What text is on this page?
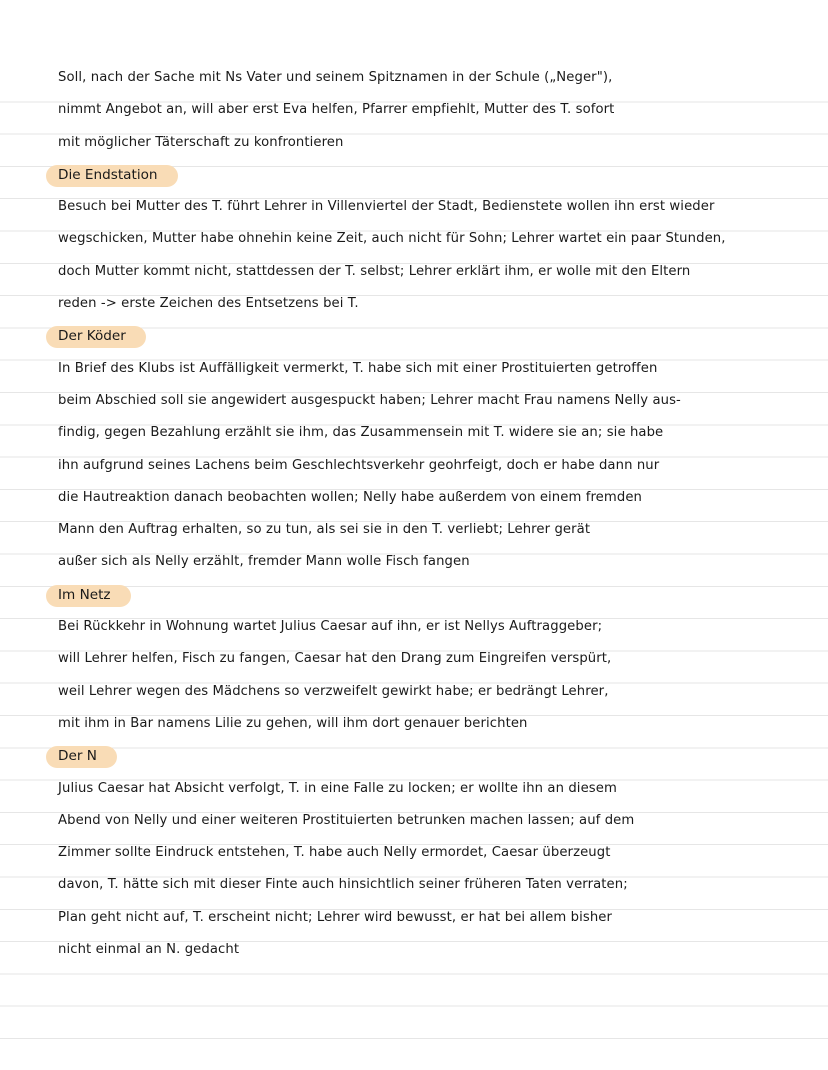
Soll, nach der Sache mit Ns Vater und seinem Spitznamen in der Schule („Neger"),
nimmt Angebot an, will aber erst Eva helfen, Pfarrer empfiehlt, Mutter des T. sofort
mit möglicher Täterschaft zu konfrontieren
Die Endstation
Besuch bei Mutter des T. führt Lehrer in Villenviertel der Stadt, Bedienstete wollen ihn erst wieder
wegschicken, Mutter habe ohnehin keine Zeit, auch nicht für Sohn; Lehrer wartet ein paar Stunden,
doch Mutter kommt nicht, stattdessen der T. selbst; Lehrer erklärt ihm, er wolle mit den Eltern
reden -> erste Zeichen des Entsetzens bei T.
Der Köder
In Brief des Klubs ist Auffälligkeit vermerkt, T. habe sich mit einer Prostituierten getroffen
beim Abschied soll sie angewidert ausgespuckt haben; Lehrer macht Frau namens Nelly aus-
findig, gegen Bezahlung erzählt sie ihm, das Zusammensein mit T. widere sie an; sie habe
ihn aufgrund seines Lachens beim Geschlechtsverkehr geohrfeigt, doch er habe dann nur
die Hautreaktion danach beobachten wollen; Nelly habe außerdem von einem fremden
Mann den Auftrag erhalten, so zu tun, als sei sie in den T. verliebt; Lehrer gerät
außer sich als Nelly erzählt, fremder Mann wolle Fisch fangen
Im Netz
Bei Rückkehr in Wohnung wartet Julius Caesar auf ihn, er ist Nellys Auftraggeber;
will Lehrer helfen, Fisch zu fangen, Caesar hat den Drang zum Eingreifen verspürt,
weil Lehrer wegen des Mädchens so verzweifelt gewirkt habe; er bedrängt Lehrer,
mit ihm in Bar namens Lilie zu gehen, will ihm dort genauer berichten
Der N
Julius Caesar hat Absicht verfolgt, T. in eine Falle zu locken; er wollte ihn an diesem
Abend von Nelly und einer weiteren Prostituierten betrunken machen lassen; auf dem
Zimmer sollte Eindruck entstehen, T. habe auch Nelly ermordet, Caesar überzeugt
davon, T. hätte sich mit dieser Finte auch hinsichtlich seiner früheren Taten verraten;
Plan geht nicht auf, T. erscheint nicht; Lehrer wird bewusst, er hat bei allem bisher
nicht einmal an N. gedacht
